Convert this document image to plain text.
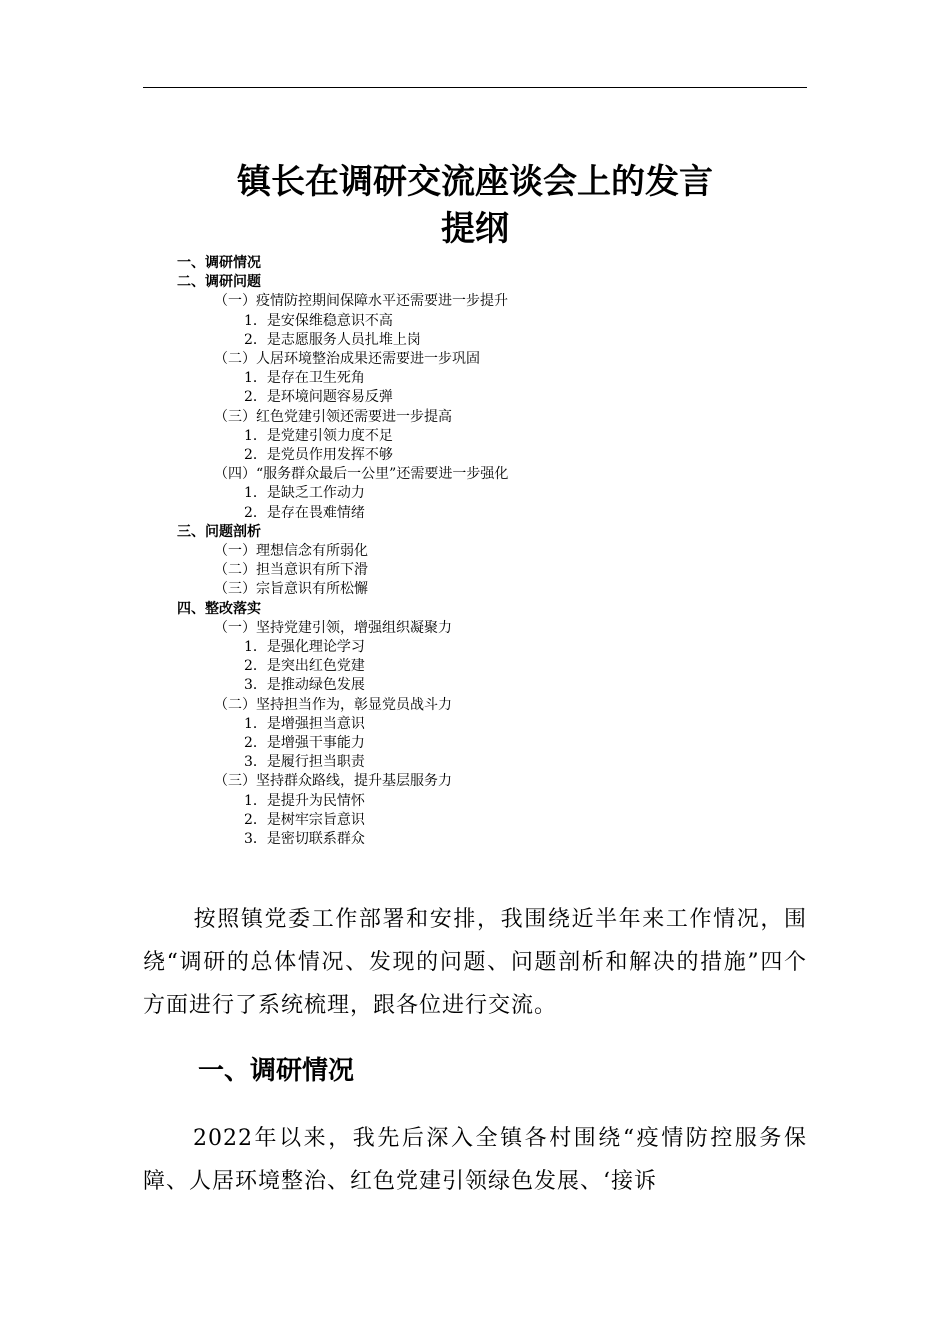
镇长在调研交流座谈会上的发言
提纲
一、调研情况
二、调研问题
（一）疫情防控期间保障水平还需要进一步提升
1．是安保维稳意识不高
2．是志愿服务人员扎堆上岗
（二）人居环境整治成果还需要进一步巩固
1．是存在卫生死角
2．是环境问题容易反弹
（三）红色党建引领还需要进一步提高
1．是党建引领力度不足
2．是党员作用发挥不够
（四）“服务群众最后一公里”还需要进一步强化
1．是缺乏工作动力
2．是存在畏难情绪
三、问题剖析
（一）理想信念有所弱化
（二）担当意识有所下滑
（三）宗旨意识有所松懈
四、整改落实
（一）坚持党建引领，增强组织凝聚力
1．是强化理论学习
2．是突出红色党建
3．是推动绿色发展
（二）坚持担当作为，彰显党员战斗力
1．是增强担当意识
2．是增强干事能力
3．是履行担当职责
（三）坚持群众路线，提升基层服务力
1．是提升为民情怀
2．是树牢宗旨意识
3．是密切联系群众
按照镇党委工作部署和安排，我围绕近半年来工作情况，围绕“调研的总体情况、发现的问题、问题剖析和解决的措施”四个方面进行了系统梳理，跟各位进行交流。
一、调研情况
2022年以来，我先后深入全镇各村围绕“疫情防控服务保障、人居环境整治、红色党建引领绿色发展、‘接诉
